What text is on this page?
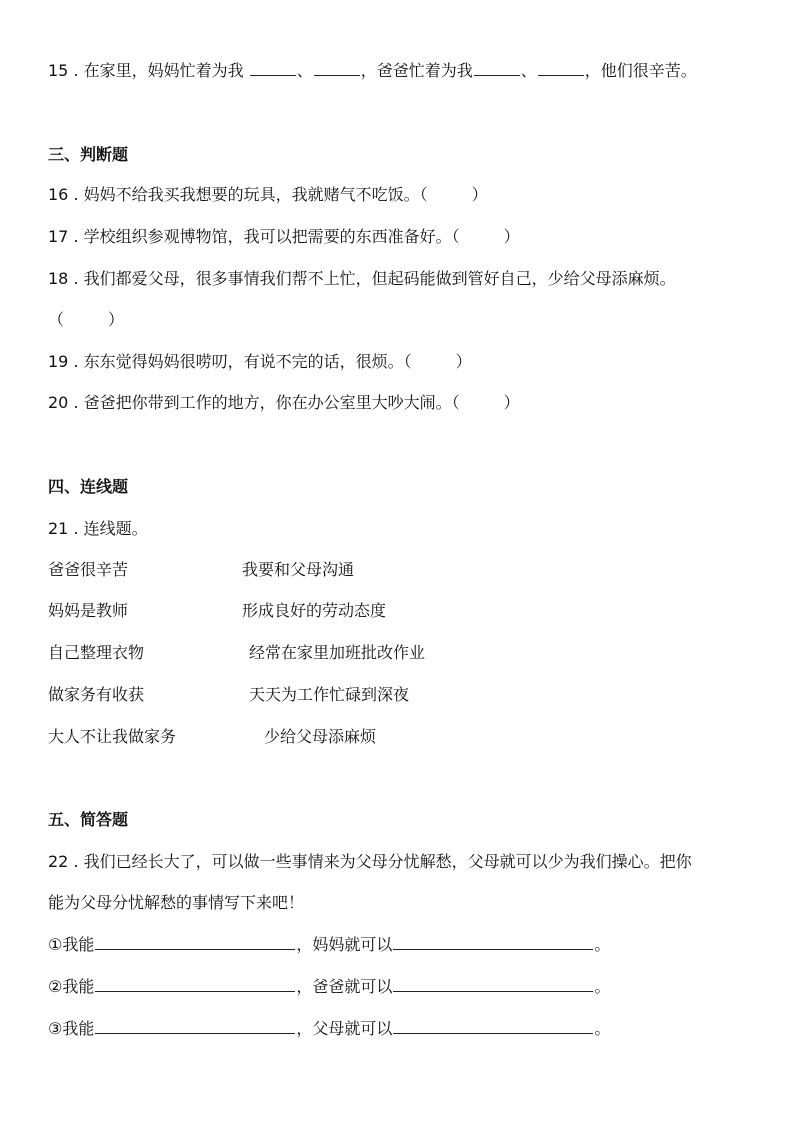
15 . 在家里，妈妈忙着为我	、	，爸爸忙着为我	、	，他们很辛苦。
三、判断题
16 . 妈妈不给我买我想要的玩具，我就赌气不吃饭。（	）
17 . 学校组织参观博物馆，我可以把需要的东西准备好。（	）
18 . 我们都爱父母，很多事情我们帮不上忙，但起码能做到管好自己，少给父母添麻烦。
（	）
19 . 东东觉得妈妈很唠叨，有说不完的话，很烦。（	）
20 . 爸爸把你带到工作的地方，你在办公室里大吵大闹。（	）
四、连线题
21 . 连线题。
爸爸很辛苦	我要和父母沟通
妈妈是教师	形成良好的劳动态度
自己整理衣物	经常在家里加班批改作业
做家务有收获	天天为工作忙碌到深夜
大人不让我做家务	少给父母添麻烦
五、简答题
22 . 我们已经长大了，可以做一些事情来为父母分忧解愁，父母就可以少为我们操心。把你
能为父母分忧解愁的事情写下来吧！
①我能	，妈妈就可以	。
②我能	，爸爸就可以	。
③我能	，父母就可以	。
